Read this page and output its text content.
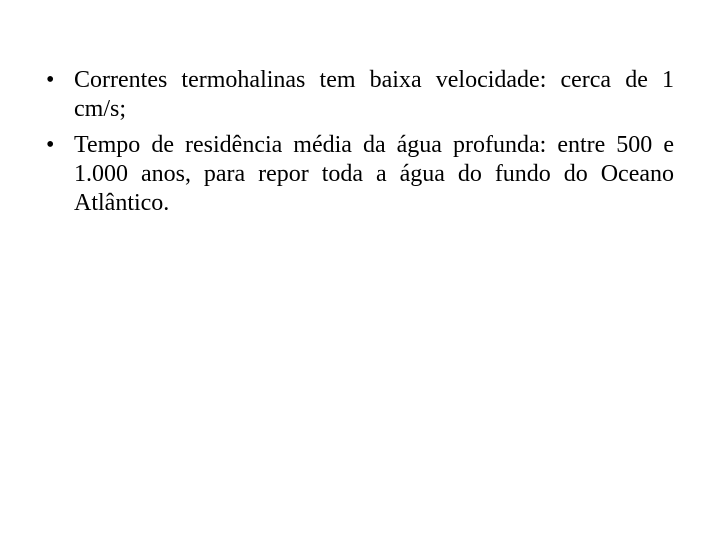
• Correntes termohalinas tem baixa velocidade: cerca de 1 cm/s;
• Tempo de residência média da água profunda: entre 500 e 1.000 anos, para repor toda a água do fundo do Oceano Atlântico.
